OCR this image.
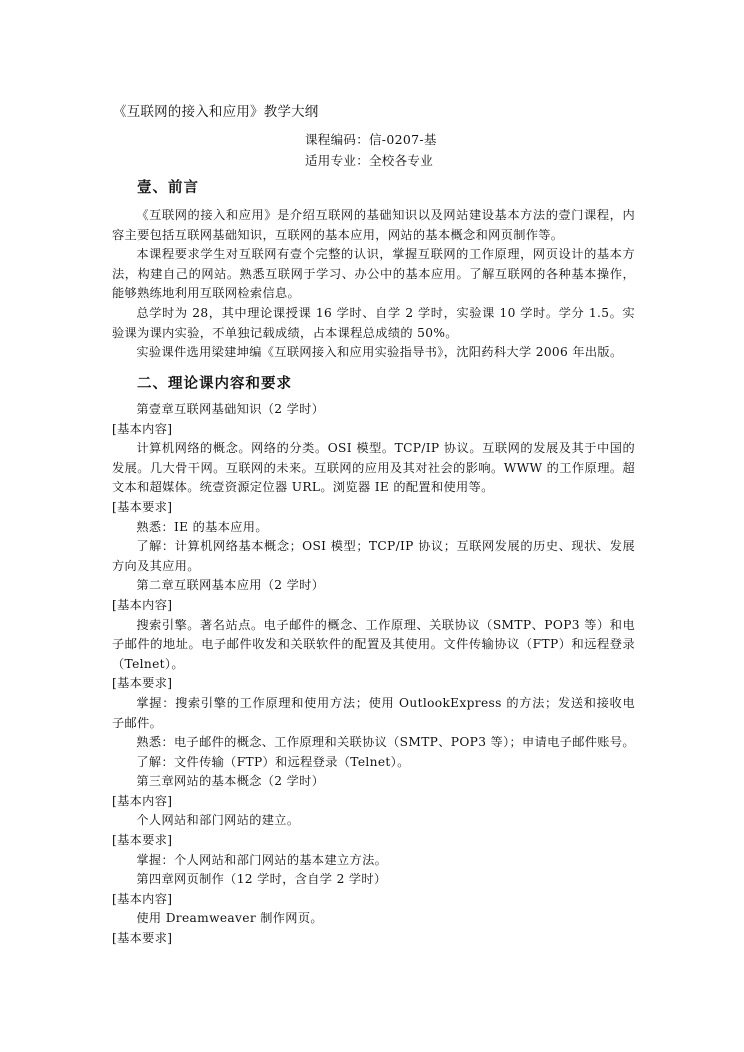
《互联网的接入和应用》教学大纲
课程编码：信-0207-基
适用专业：全校各专业
壹、前言

《互联网的接入和应用》是介绍互联网的基础知识以及网站建设基本方法的壹门课程，内容主要包括互联网基础知识，互联网的基本应用，网站的基本概念和网页制作等。

本课程要求学生对互联网有壹个完整的认识，掌握互联网的工作原理，网页设计的基本方法，构建自己的网站。熟悉互联网于学习、办公中的基本应用。了解互联网的各种基本操作，能够熟练地利用互联网检索信息。

总学时为 28，其中理论课授课 16 学时、自学 2 学时，实验课 10 学时。学分 1.5。实验课为课内实验，不单独记载成绩，占本课程总成绩的 50%。

实验课件选用梁建坤编《互联网接入和应用实验指导书》，沈阳药科大学 2006 年出版。

二、理论课内容和要求

第壹章互联网基础知识（2 学时）

[基本内容]

计算机网络的概念。网络的分类。OSI 模型。TCP/IP 协议。互联网的发展及其于中国的发展。几大骨干网。互联网的未来。互联网的应用及其对社会的影响。WWW 的工作原理。超文本和超媒体。统壹资源定位器 URL。浏览器 IE 的配置和使用等。

[基本要求]

熟悉：IE 的基本应用。

了解：计算机网络基本概念；OSI 模型；TCP/IP 协议；互联网发展的历史、现状、发展方向及其应用。

第二章互联网基本应用（2 学时）

[基本内容]

搜索引擎。著名站点。电子邮件的概念、工作原理、关联协议（SMTP、POP3 等）和电子邮件的地址。电子邮件收发和关联软件的配置及其使用。文件传输协议（FTP）和远程登录（Telnet）。

[基本要求]

掌握：搜索引擎的工作原理和使用方法；使用 OutlookExpress 的方法；发送和接收电子邮件。

熟悉：电子邮件的概念、工作原理和关联协议（SMTP、POP3 等）；申请电子邮件账号。

了解：文件传输（FTP）和远程登录（Telnet）。

第三章网站的基本概念（2 学时）

[基本内容]

个人网站和部门网站的建立。

[基本要求]

掌握：个人网站和部门网站的基本建立方法。

第四章网页制作（12 学时，含自学 2 学时）

[基本内容]

使用 Dreamweaver 制作网页。

[基本要求]
